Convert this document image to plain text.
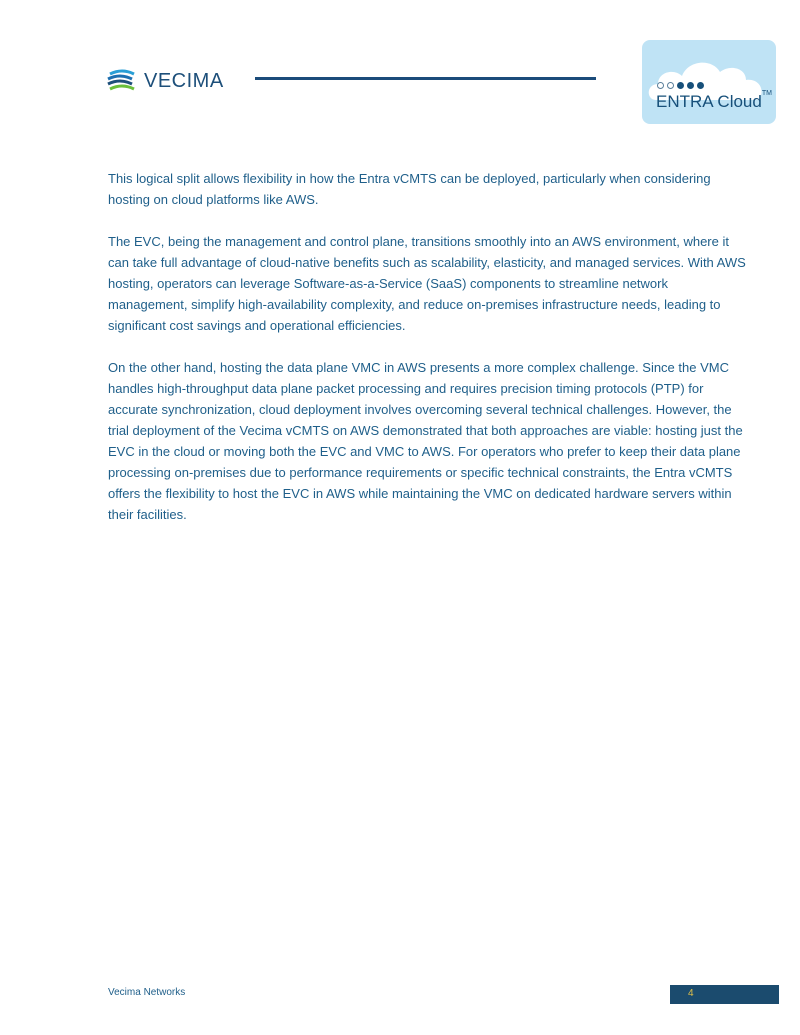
VECIMA
ENTRA Cloud™

This logical split allows flexibility in how the Entra vCMTS can be deployed, particularly when considering hosting on cloud platforms like AWS.

The EVC, being the management and control plane, transitions smoothly into an AWS environment, where it can take full advantage of cloud-native benefits such as scalability, elasticity, and managed services. With AWS hosting, operators can leverage Software-as-a-Service (SaaS) components to streamline network management, simplify high-availability complexity, and reduce on-premises infrastructure needs, leading to significant cost savings and operational efficiencies.

On the other hand, hosting the data plane VMC in AWS presents a more complex challenge. Since the VMC handles high-throughput data plane packet processing and requires precision timing protocols (PTP) for accurate synchronization, cloud deployment involves overcoming several technical challenges. However, the trial deployment of the Vecima vCMTS on AWS demonstrated that both approaches are viable: hosting just the EVC in the cloud or moving both the EVC and VMC to AWS. For operators who prefer to keep their data plane processing on-premises due to performance requirements or specific technical constraints, the Entra vCMTS offers the flexibility to host the EVC in AWS while maintaining the VMC on dedicated hardware servers within their facilities.

Vecima Networks	4
